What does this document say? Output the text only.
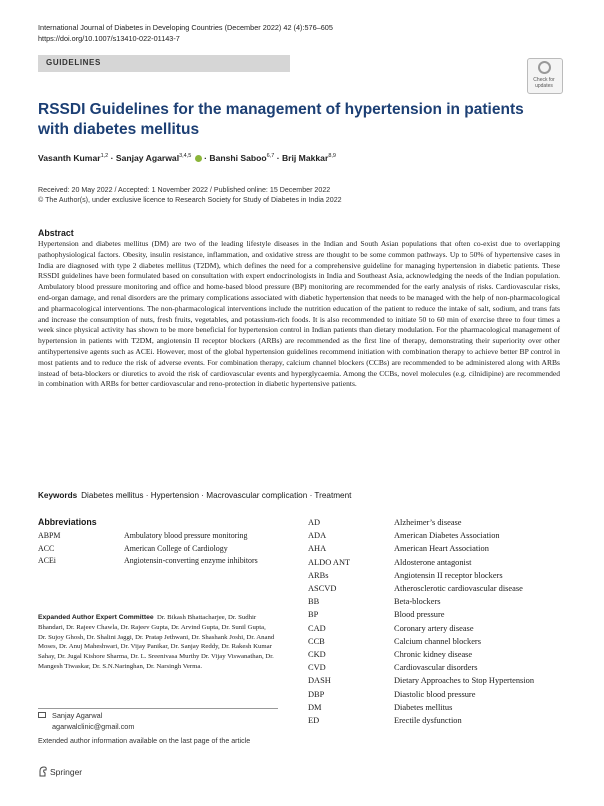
International Journal of Diabetes in Developing Countries (December 2022) 42 (4):576–605
https://doi.org/10.1007/s13410-022-01143-7
GUIDELINES
Check for
updates
RSSDI Guidelines for the management of hypertension in patients with diabetes mellitus
Vasanth Kumar$^{1,2}$ · Sanjay Agarwal$^{3,4,5}$  · Banshi Saboo$^{6,7}$ · Brij Makkar$^{8,9}$
Received: 20 May 2022 / Accepted: 1 November 2022 / Published online: 15 December 2022
© The Author(s), under exclusive licence to Research Society for Study of Diabetes in India 2022
Abstract
Hypertension and diabetes mellitus (DM) are two of the leading lifestyle diseases in the Indian and South Asian populations that often co-exist due to overlapping pathophysiological factors. Obesity, insulin resistance, inflammation, and oxidative stress are thought to be some common pathways. Up to 50% of hypertensive cases in India are diagnosed with type 2 diabetes mellitus (T2DM), which defines the need for a comprehensive guideline for managing hypertension in diabetic patients. These RSSDI guidelines have been formulated based on consultation with expert endocrinologists in India and Southeast Asia, acknowledging the needs of the Indian population. Ambulatory blood pressure monitoring and office and home-based blood pressure (BP) monitoring are recommended for the early analysis of risks. Cardiovascular risks, end-organ damage, and renal disorders are the primary complications associated with diabetic hypertension that needs to be managed with the help of non-pharmacological and pharmacological interventions. The non-pharmacological interventions include the nutrition education of the patient to reduce the intake of salt, sodium, and trans fats and increase the consumption of nuts, fresh fruits, vegetables, and potassium-rich foods. It is also recommended to initiate 50 to 60 min of exercise three to four times a week since physical activity has shown to be more beneficial for hypertension control in Indian patients than dietary modulation. For the pharmacological management of hypertension in patients with T2DM, angiotensin II receptor blockers (ARBs) are recommended as the first line of therapy, demonstrating their superiority over other antihypertensive agents such as ACEi. However, most of the global hypertension guidelines recommend initiation with combination therapy to achieve better BP control in most patients and to reduce the risk of adverse events. For combination therapy, calcium channel blockers (CCBs) are recommended to be administered along with ARBs instead of beta-blockers or diuretics to avoid the risk of cardiovascular events and hyperglycaemia. Among the CCBs, novel molecules (e.g. cilnidipine) are recommended in combination with ARBs for better cardiovascular and reno-protection in diabetic hypertensive patients.
Keywords Diabetes mellitus · Hypertension · Macrovascular complication · Treatment
Abbreviations
ABPM	Ambulatory blood pressure monitoring
ACC	American College of Cardiology
ACEi	Angiotensin-converting enzyme inhibitors
Expanded Author Expert Committee Dr. Bikash Bhattacharjee, Dr. Sudhir Bhandari, Dr. Rajeev Chawla, Dr. Rajeev Gupta, Dr. Arvind Gupta, Dr. Sunil Gupta, Dr. Sujoy Ghosh, Dr. Shalini Jaggi, Dr. Pratap Jethwani, Dr. Shashank Joshi, Dr. Anand Moses, Dr. Anuj Maheshwari, Dr. Vijay Panikar, Dr. Sanjay Reddy, Dr. Rakesh Kumar Sahay, Dr. Jugal Kishore Sharma, Dr. L. Sreenivasa Murthy Dr. Vijay Viswanathan, Dr. Mangesh Tiwaskar, Dr. S.N.Naringhan, Dr. Narsingh Verma.
Sanjay Agarwal
agarwalclinic@gmail.com
Extended author information available on the last page of the article
AD	Alzheimer’s disease
ADA	American Diabetes Association
AHA	American Heart Association
ALDO ANT	Aldosterone antagonist
ARBs	Angiotensin II receptor blockers
ASCVD	Atherosclerotic cardiovascular disease
BB	Beta-blockers
BP	Blood pressure
CAD	Coronary artery disease
CCB	Calcium channel blockers
CKD	Chronic kidney disease
CVD	Cardiovascular disorders
DASH	Dietary Approaches to Stop Hypertension
DBP	Diastolic blood pressure
DM	Diabetes mellitus
ED	Erectile dysfunction
Springer
